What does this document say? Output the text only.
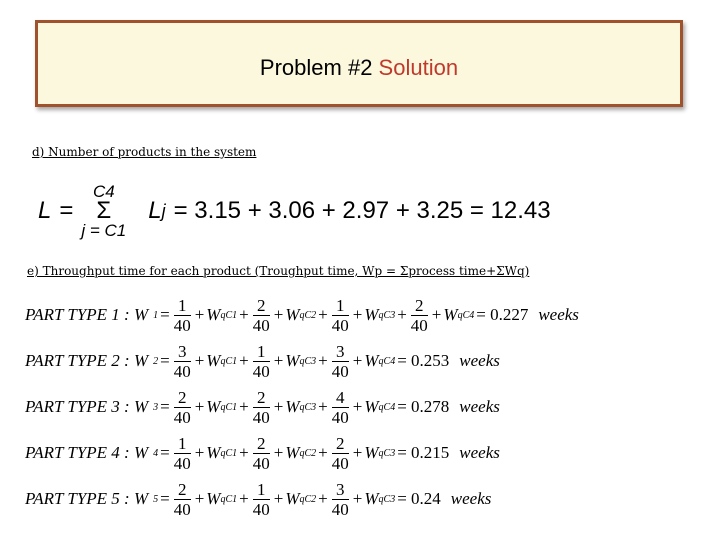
Problem #2 Solution
d) Number of products in the system
L =
C4
Σ
j = C1
L j = 3.15 + 3.06 + 2.97 + 3.25 = 12.43
e) Throughput time for each product (Troughput time, Wp = Σprocess time+ΣWq)
PART TYPE 1 : W $1 = \frac{1}{40} + W$ $qC1 + \frac{2}{40} + W$ $qC2 + \frac{1}{40} + W$ $qC3 + \frac{2}{40} + W$ qC4 = 0.227 weeks
PART TYPE 2 : W $2 = \frac{3}{40} + W$ $qC1 + \frac{1}{40} + W$ $qC3 + \frac{3}{40} + W$ qC4 = 0.253 weeks
PART TYPE 3 : W $3 = \frac{2}{40} + W$ $qC1 + \frac{2}{40} + W$ $qC3 + \frac{4}{40} + W$ qC4 = 0.278 weeks
PART TYPE 4 : W $4 = \frac{1}{40} + W$ $qC1 + \frac{2}{40} + W$ $qC2 + \frac{2}{40} + W$ qC3 = 0.215 weeks
PART TYPE 5 : W $5 = \frac{2}{40} + W$ $qC1 + \frac{1}{40} + W$ $qC2 + \frac{3}{40} + W$ qC3 = 0.24 weeks
